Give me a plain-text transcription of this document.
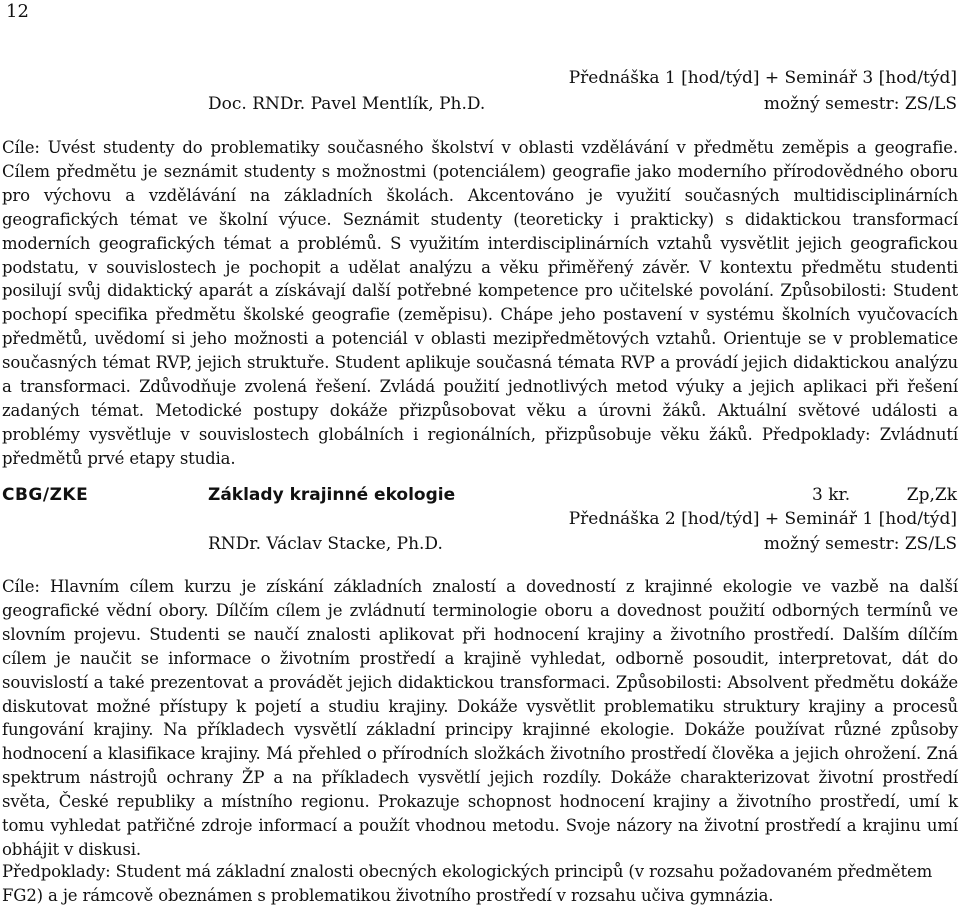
12
Přednáška 1 [hod/týd] + Seminář 3 [hod/týd]
Doc. RNDr. Pavel Mentlík, Ph.D.	možný semestr: ZS/LS

Cíle: Uvést studenty do problematiky současného školství v oblasti vzdělávání v předmětu zeměpis a geografie. Cílem předmětu je seznámit studenty s možnostmi (potenciálem) geografie jako moderního přírodovědného oboru pro výchovu a vzdělávání na základních školách. Akcentováno je využití současných multidisciplinárních geografických témat ve školní výuce. Seznámit studenty (teoreticky i prakticky) s didaktickou transformací moderních geografických témat a problémů. S využitím interdisciplinárních vztahů vysvětlit jejich geografickou podstatu, v souvislostech je pochopit a udělat analýzu a věku přiměřený závěr. V kontextu předmětu studenti posilují svůj didaktický aparát a získávají další potřebné kompetence pro učitelské povolání. Způsobilosti: Student pochopí specifika předmětu školské geografie (zeměpisu). Chápe jeho postavení v systému školních vyučovacích předmětů, uvědomí si jeho možnosti a potenciál v oblasti mezipředmětových vztahů. Orientuje se v problematice současných témat RVP, jejich struktuře. Student aplikuje současná témata RVP a provádí jejich didaktickou analýzu a transformaci. Zdůvodňuje zvolená řešení. Zvládá použití jednotlivých metod výuky a jejich aplikaci při řešení zadaných témat. Metodické postupy dokáže přizpůsobovat věku a úrovni žáků. Aktuální světové události a problémy vysvětluje v souvislostech globálních i regionálních, přizpůsobuje věku žáků. Předpoklady: Zvládnutí předmětů prvé etapy studia.

CBG/ZKE	Základy krajinné ekologie	3 kr.	Zp,Zk
Přednáška 2 [hod/týd] + Seminář 1 [hod/týd]
RNDr. Václav Stacke, Ph.D.	možný semestr: ZS/LS

Cíle: Hlavním cílem kurzu je získání základních znalostí a dovedností z krajinné ekologie ve vazbě na další geografické vědní obory. Dílčím cílem je zvládnutí terminologie oboru a dovednost použití odborných termínů ve slovním projevu. Studenti se naučí znalosti aplikovat při hodnocení krajiny a životního prostředí. Dalším dílčím cílem je naučit se informace o životním prostředí a krajině vyhledat, odborně posoudit, interpretovat, dát do souvislostí a také prezentovat a provádět jejich didaktickou transformaci. Způsobilosti: Absolvent předmětu dokáže diskutovat možné přístupy k pojetí a studiu krajiny. Dokáže vysvětlit problematiku struktury krajiny a procesů fungování krajiny. Na příkladech vysvětlí základní principy krajinné ekologie. Dokáže používat různé způsoby hodnocení a klasifikace krajiny. Má přehled o přírodních složkách životního prostředí člověka a jejich ohrožení. Zná spektrum nástrojů ochrany ŽP a na příkladech vysvětlí jejich rozdíly. Dokáže charakterizovat životní prostředí světa, České republiky a místního regionu. Prokazuje schopnost hodnocení krajiny a životního prostředí, umí k tomu vyhledat patřičné zdroje informací a použít vhodnou metodu. Svoje názory na životní prostředí a krajinu umí obhájit v diskusi.

Předpoklady: Student má základní znalosti obecných ekologických principů (v rozsahu požadovaném předmětem FG2) a je rámcově obeznámen s problematikou životního prostředí v rozsahu učiva gymnázia.
